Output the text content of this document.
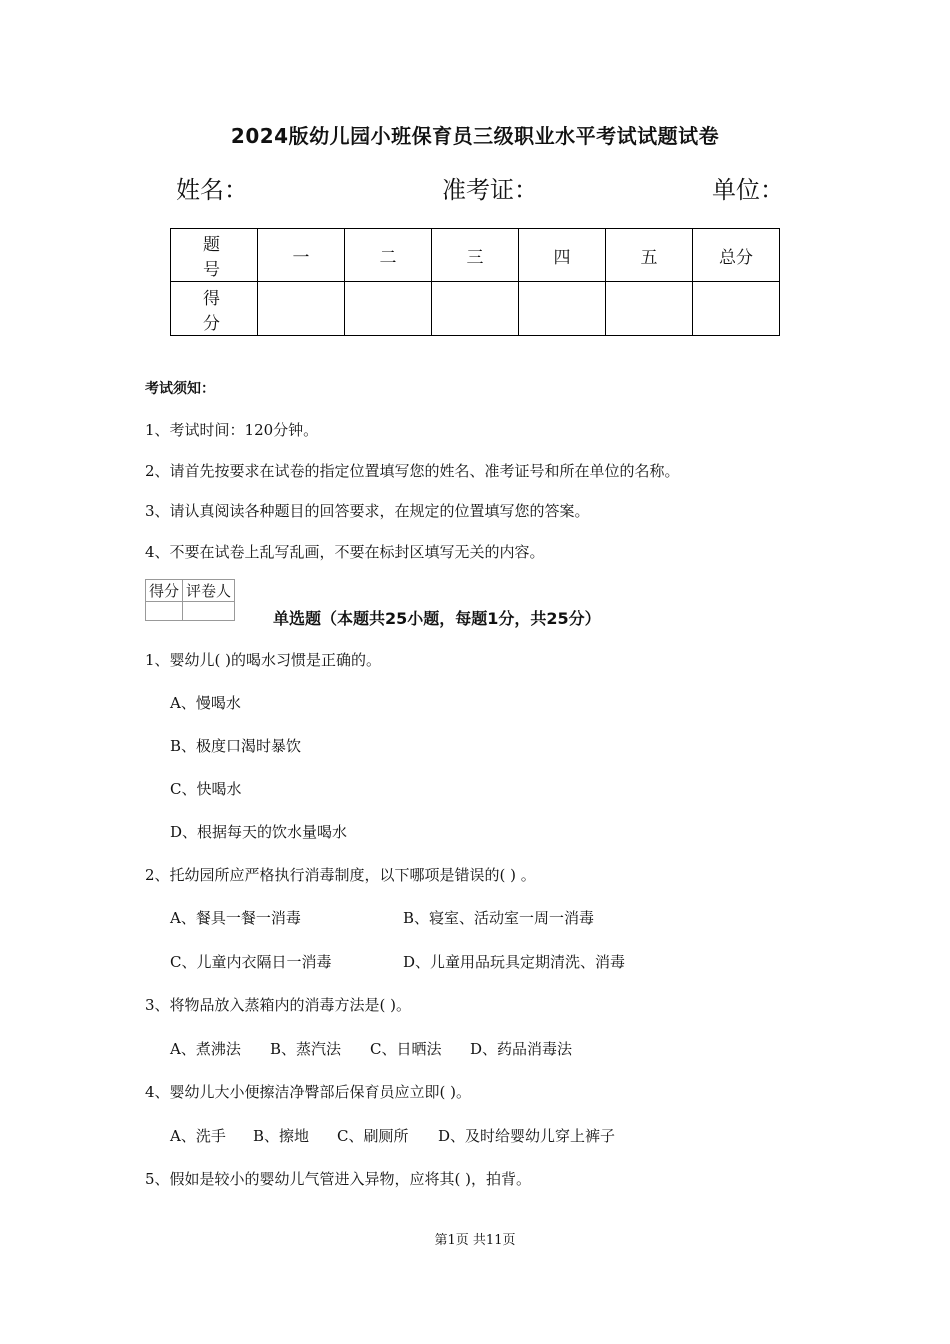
2024版幼儿园小班保育员三级职业水平考试试题试卷
姓名：	准考证：	单位：
题 号	一	二	三	四	五	总分
得 分						
考试须知：
1、考试时间：120分钟。
2、请首先按要求在试卷的指定位置填写您的姓名、准考证号和所在单位的名称。
3、请认真阅读各种题目的回答要求，在规定的位置填写您的答案。
4、不要在试卷上乱写乱画，不要在标封区填写无关的内容。
得分	评卷人

单选题（本题共25小题，每题1分，共25分）
1、婴幼儿( )的喝水习惯是正确的。
A、慢喝水
B、极度口渴时暴饮
C、快喝水
D、根据每天的饮水量喝水
2、托幼园所应严格执行消毒制度，以下哪项是错误的( ) 。
A、餐具一餐一消毒	B、寝室、活动室一周一消毒
C、儿童内衣隔日一消毒	D、儿童用品玩具定期清洗、消毒
3、将物品放入蒸箱内的消毒方法是( )。
A、煮沸法 B、蒸汽法 C、日晒法 D、药品消毒法
4、婴幼儿大小便擦洁净臀部后保育员应立即( )。
A、洗手 B、擦地 C、刷厕所 D、及时给婴幼儿穿上裤子
5、假如是较小的婴幼儿气管进入异物，应将其( )，拍背。
第1页 共11页
